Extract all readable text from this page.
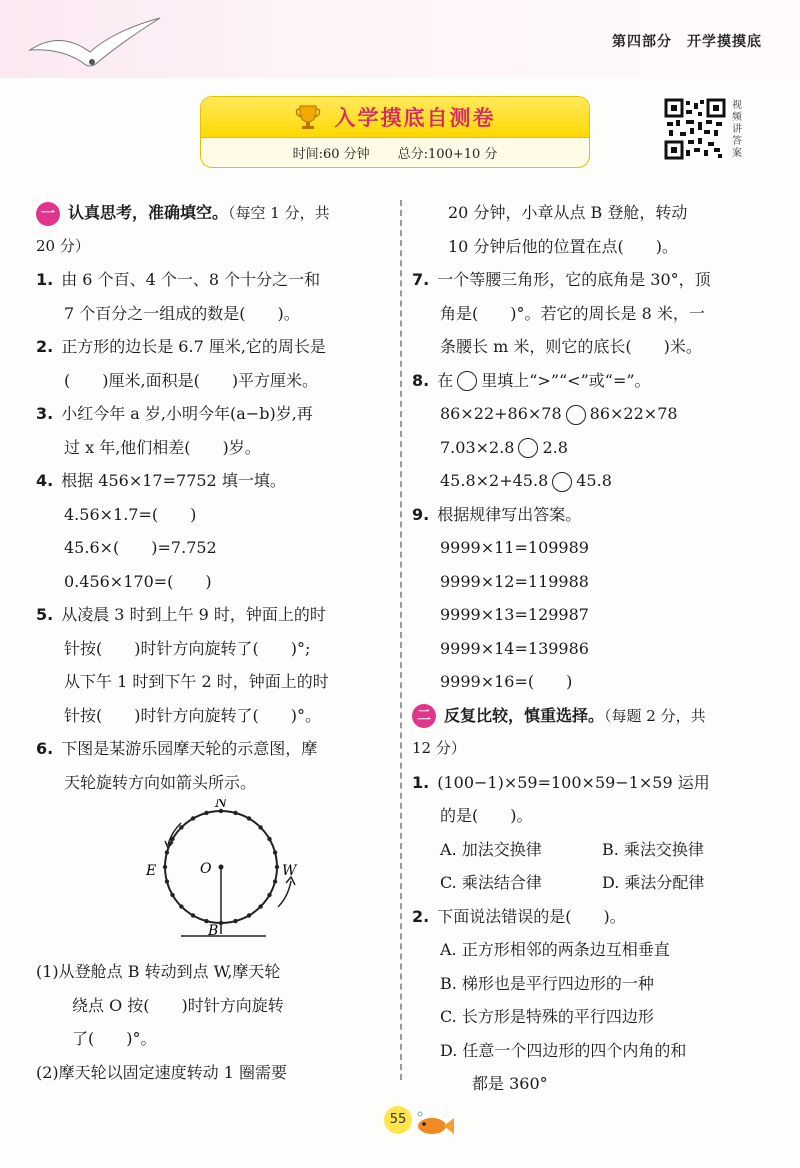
第四部分　开学摸摸底
入学摸底自测卷
时间:60 分钟 总分:100+10 分
视
频
讲
答
案
一 认真思考，准确填空。（每空 1 分，共
20 分）
1. 由 6 个百、4 个一、8 个十分之一和
7 个百分之一组成的数是(　　)。
2. 正方形的边长是 6.7 厘米,它的周长是
(　　)厘米,面积是(　　)平方厘米。
3. 小红今年 a 岁,小明今年(a−b)岁,再
过 x 年,他们相差(　　)岁。
4. 根据 456×17=7752 填一填。
4.56×1.7=(　　)
45.6×(　　)=7.752
0.456×170=(　　)
5. 从凌晨 3 时到上午 9 时，钟面上的时
针按(　　)时针方向旋转了(　　)°;
从下午 1 时到下午 2 时，钟面上的时
针按(　　)时针方向旋转了(　　)°。
6. 下图是某游乐园摩天轮的示意图，摩
天轮旋转方向如箭头所示。
N
E	W
O
B
(1)从登舱点 B 转动到点 W,摩天轮
绕点 O 按(　　)时针方向旋转
了(　　)°。
(2)摩天轮以固定速度转动 1 圈需要
20 分钟，小章从点 B 登舱，转动
10 分钟后他的位置在点(　　)。
7. 一个等腰三角形，它的底角是 30°，顶
角是(　　)°。若它的周长是 8 米，一
条腰长 m 米，则它的底长(　　)米。
8. 在 里填上“>”“<”或“=”。
86×22+86×78 86×22×78
7.03×2.8 2.8
45.8×2+45.8 45.8
9. 根据规律写出答案。
9999×11=109989
9999×12=119988
9999×13=129987
9999×14=139986
9999×16=(　　)
二 反复比较，慎重选择。（每题 2 分，共
12 分）
1. (100−1)×59=100×59−1×59 运用
的是(　　)。
A. 加法交换律	B. 乘法交换律
C. 乘法结合律	D. 乘法分配律
2. 下面说法错误的是(　　)。
A. 正方形相邻的两条边互相垂直
B. 梯形也是平行四边形的一种
C. 长方形是特殊的平行四边形
D. 任意一个四边形的四个内角的和
都是 360°
55
